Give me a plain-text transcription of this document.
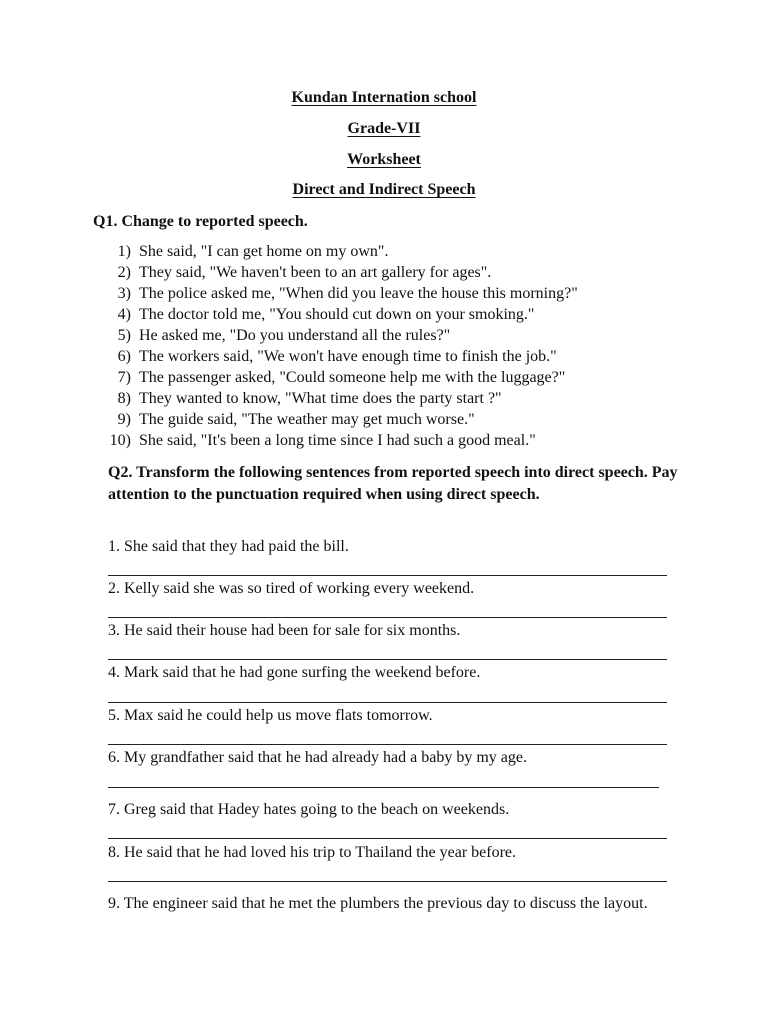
Kundan Internation school
Grade-VII
Worksheet
Direct and Indirect Speech
Q1. Change to reported speech.
1) She said, "I can get home on my own".
2) They said, "We haven't been to an art gallery for ages".
3) The police asked me, "When did you leave the house this morning?"
4) The doctor told me, "You should cut down on your smoking."
5) He asked me, "Do you understand all the rules?"
6) The workers said, "We won't have enough time to finish the job."
7) The passenger asked, "Could someone help me with the luggage?"
8) They wanted to know, "What time does the party start ?"
9) The guide said, "The weather may get much worse."
10) She said, "It's been a long time since I had such a good meal."
Q2. Transform the following sentences from reported speech into direct speech. Pay attention to the punctuation required when using direct speech.
1. She said that they had paid the bill.
2. Kelly said she was so tired of working every weekend.
3. He said their house had been for sale for six months.
4. Mark said that he had gone surfing the weekend before.
5. Max said he could help us move flats tomorrow.
6. My grandfather said that he had already had a baby by my age.
7. Greg said that Hadey hates going to the beach on weekends.
8. He said that he had loved his trip to Thailand the year before.
9. The engineer said that he met the plumbers the previous day to discuss the layout.
